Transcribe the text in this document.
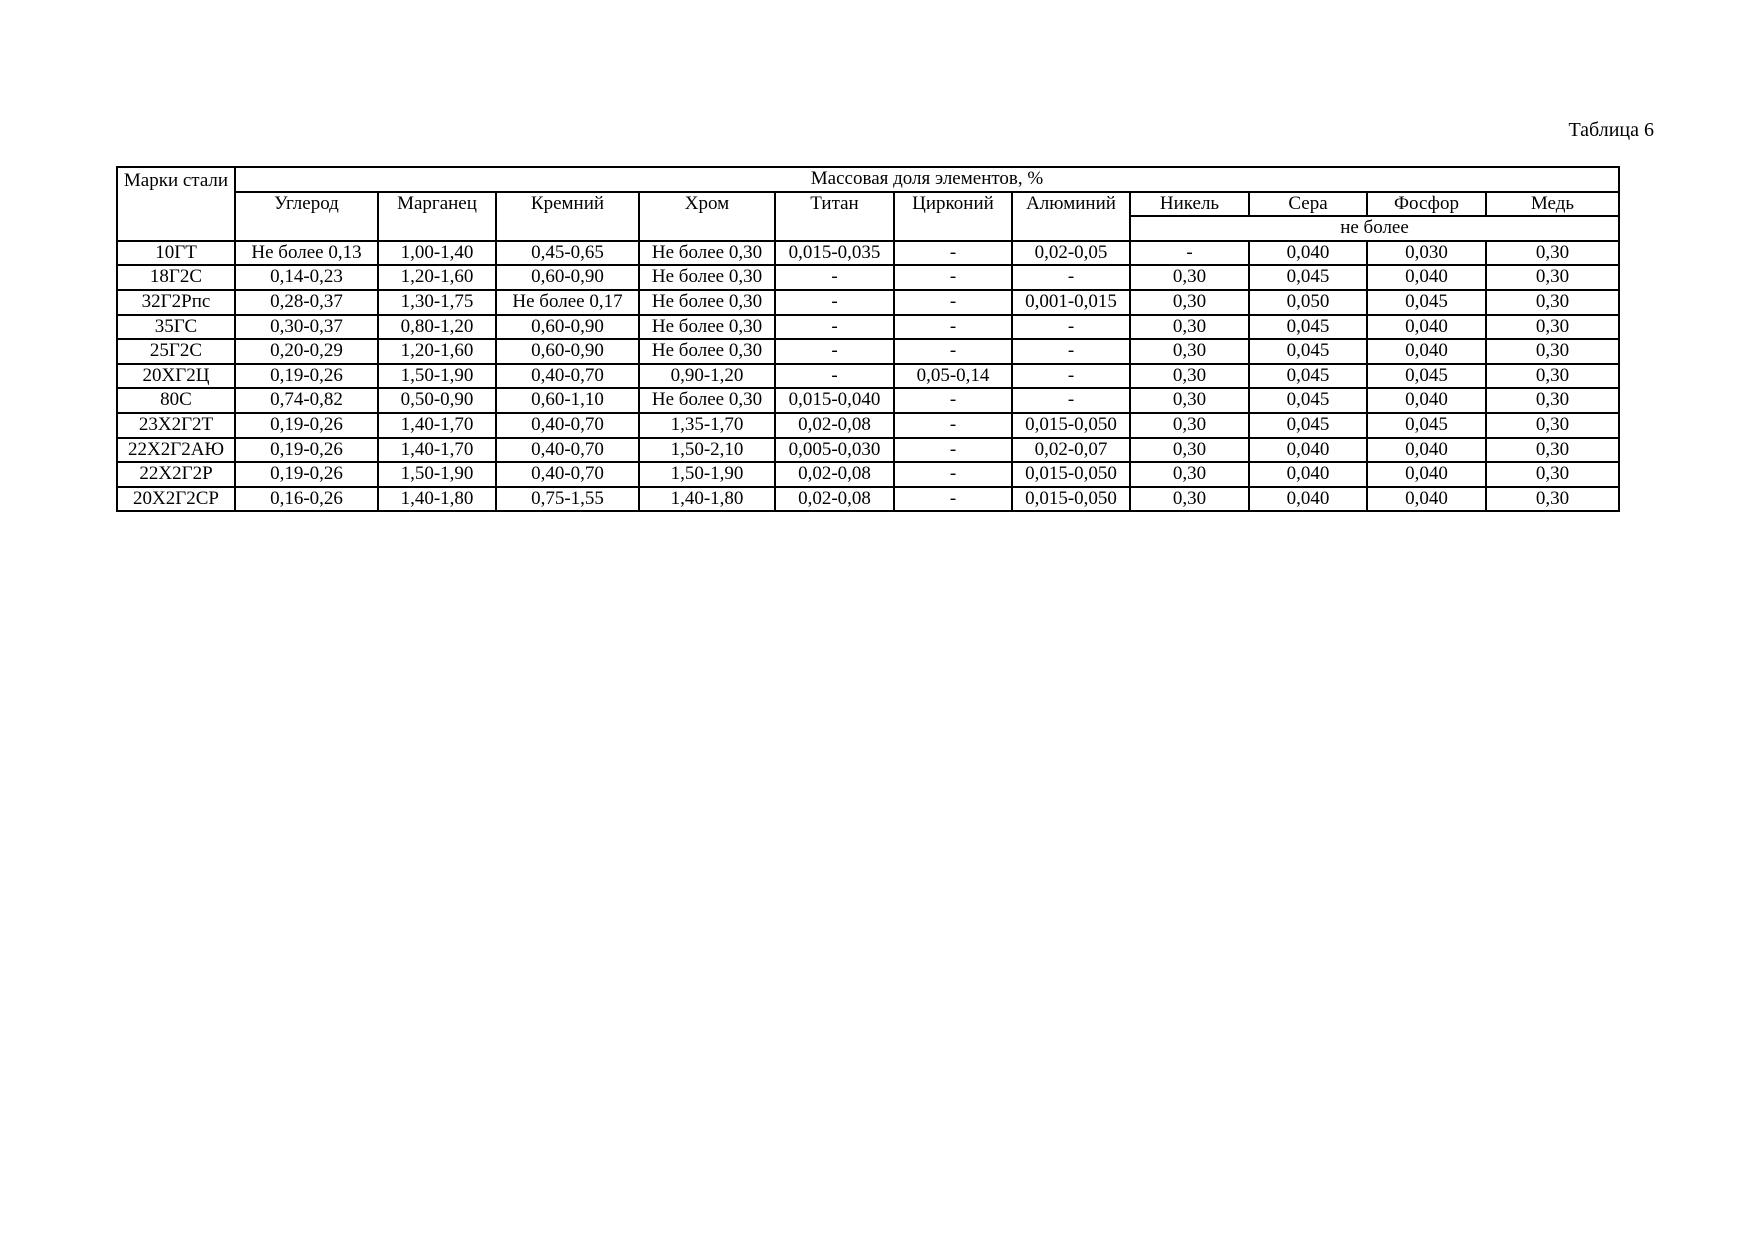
Таблица 6
Марки стали	Массовая доля элементов, %										
	Углерод	Марганец	Кремний	Хром	Титан	Цирконий	Алюминий	Никель	Сера	Фосфор	Медь
								не более			
10ГТ	Не более 0,13	1,00-1,40	0,45-0,65	Не более 0,30	0,015-0,035	-	0,02-0,05	-	0,040	0,030	0,30
18Г2С	0,14-0,23	1,20-1,60	0,60-0,90	Не более 0,30	-	-	-	0,30	0,045	0,040	0,30
32Г2Рпс	0,28-0,37	1,30-1,75	Не более 0,17	Не более 0,30	-	-	0,001-0,015	0,30	0,050	0,045	0,30
35ГС	0,30-0,37	0,80-1,20	0,60-0,90	Не более 0,30	-	-	-	0,30	0,045	0,040	0,30
25Г2С	0,20-0,29	1,20-1,60	0,60-0,90	Не более 0,30	-	-	-	0,30	0,045	0,040	0,30
20ХГ2Ц	0,19-0,26	1,50-1,90	0,40-0,70	0,90-1,20	-	0,05-0,14	-	0,30	0,045	0,045	0,30
80С	0,74-0,82	0,50-0,90	0,60-1,10	Не более 0,30	0,015-0,040	-	-	0,30	0,045	0,040	0,30
23Х2Г2Т	0,19-0,26	1,40-1,70	0,40-0,70	1,35-1,70	0,02-0,08	-	0,015-0,050	0,30	0,045	0,045	0,30
22Х2Г2АЮ	0,19-0,26	1,40-1,70	0,40-0,70	1,50-2,10	0,005-0,030	-	0,02-0,07	0,30	0,040	0,040	0,30
22Х2Г2Р	0,19-0,26	1,50-1,90	0,40-0,70	1,50-1,90	0,02-0,08	-	0,015-0,050	0,30	0,040	0,040	0,30
20Х2Г2СР	0,16-0,26	1,40-1,80	0,75-1,55	1,40-1,80	0,02-0,08	-	0,015-0,050	0,30	0,040	0,040	0,30
